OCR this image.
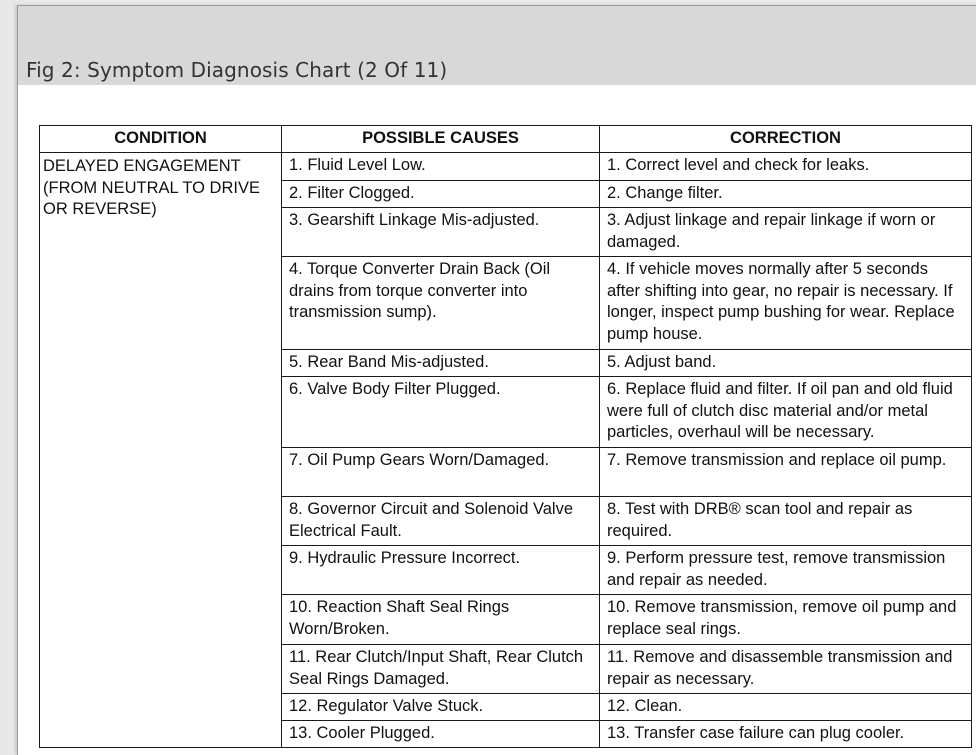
Fig 2: Symptom Diagnosis Chart (2 Of 11)
CONDITION	POSSIBLE CAUSES	CORRECTION
DELAYED ENGAGEMENT (FROM NEUTRAL TO DRIVE OR REVERSE)	1. Fluid Level Low.	1. Correct level and check for leaks.
	2. Filter Clogged.	2. Change filter.
	3. Gearshift Linkage Mis-adjusted.	3. Adjust linkage and repair linkage if worn or damaged.
	4. Torque Converter Drain Back (Oil drains from torque converter into transmission sump).	4. If vehicle moves normally after 5 seconds after shifting into gear, no repair is necessary. If longer, inspect pump bushing for wear. Replace pump house.
	5. Rear Band Mis-adjusted.	5. Adjust band.
	6. Valve Body Filter Plugged.	6. Replace fluid and filter. If oil pan and old fluid were full of clutch disc material and/or metal particles, overhaul will be necessary.
	7. Oil Pump Gears Worn/Damaged.	7. Remove transmission and replace oil pump.
	8. Governor Circuit and Solenoid Valve Electrical Fault.	8. Test with DRB® scan tool and repair as required.
	9. Hydraulic Pressure Incorrect.	9. Perform pressure test, remove transmission and repair as needed.
	10. Reaction Shaft Seal Rings Worn/Broken.	10. Remove transmission, remove oil pump and replace seal rings.
	11. Rear Clutch/Input Shaft, Rear Clutch Seal Rings Damaged.	11. Remove and disassemble transmission and repair as necessary.
	12. Regulator Valve Stuck.	12. Clean.
	13. Cooler Plugged.	13. Transfer case failure can plug cooler.
